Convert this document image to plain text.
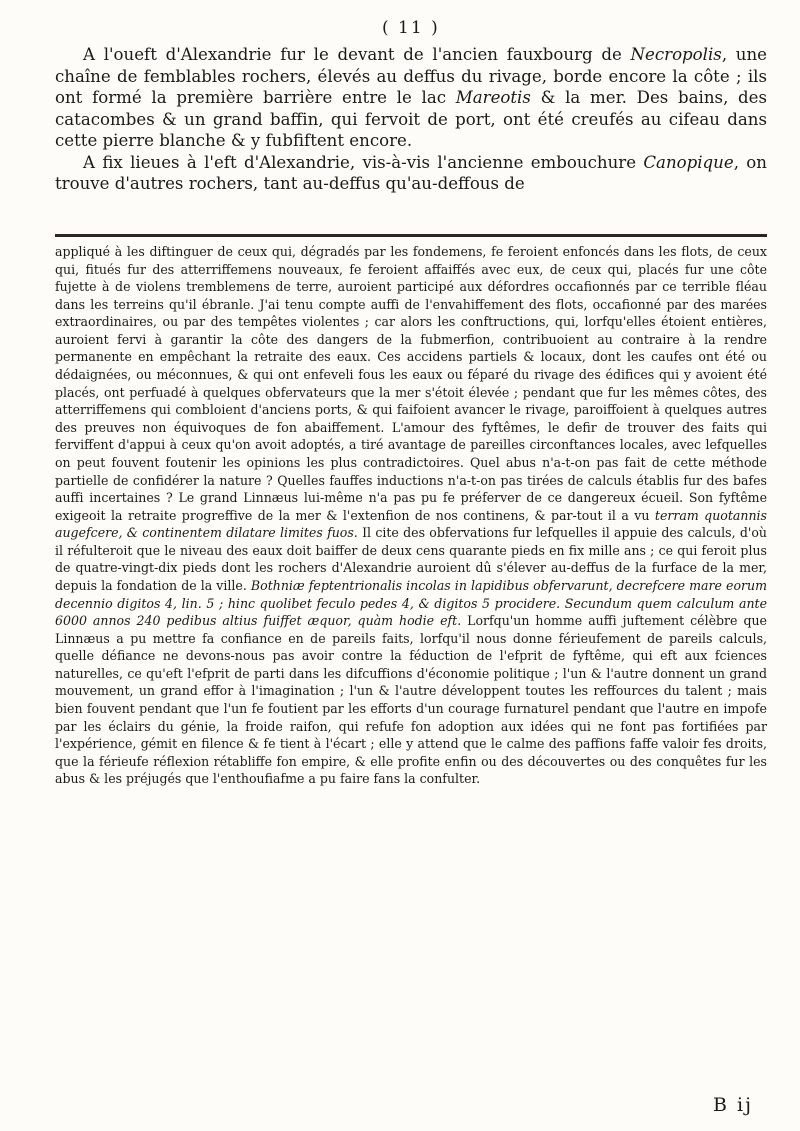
( 11 )

A l'oueft d'Alexandrie fur le devant de l'ancien fauxbourg de Necropolis, une chaîne de femblables rochers, élevés au deffus du rivage, borde encore la côte ; ils ont formé la première barrière entre le lac Mareotis & la mer. Des bains, des catacombes & un grand baffin, qui fervoit de port, ont été creufés au cifeau dans cette pierre blanche & y fubfiftent encore.

A fix lieues à l'eft d'Alexandrie, vis-à-vis l'ancienne embouchure Canopique, on trouve d'autres rochers, tant au-deffus qu'au-deffous de

appliqué à les diftinguer de ceux qui, dégradés par les fondemens, fe feroient enfoncés dans les flots, de ceux qui, fitués fur des atterriffemens nouveaux, fe feroient affaiffés avec eux, de ceux qui, placés fur une côte fujette à de violens tremblemens de terre, auroient participé aux défordres occafionnés par ce terrible fléau dans les terreins qu'il ébranle. J'ai tenu compte auffi de l'envahiffement des flots, occafionné par des marées extraordinaires, ou par des tempêtes violentes ; car alors les conftructions, qui, lorfqu'elles étoient entières, auroient fervi à garantir la côte des dangers de la fubmerfion, contribuoient au contraire à la rendre permanente en empêchant la retraite des eaux. Ces accidens partiels & locaux, dont les caufes ont été ou dédaignées, ou méconnues, & qui ont enfeveli fous les eaux ou féparé du rivage des édifices qui y avoient été placés, ont perfuadé à quelques obfervateurs que la mer s'étoit élevée ; pendant que fur les mêmes côtes, des atterriffemens qui combloient d'anciens ports, & qui faifoient avancer le rivage, paroiffoient à quelques autres des preuves non équivoques de fon abaiffement. L'amour des fyftêmes, le defir de trouver des faits qui ferviffent d'appui à ceux qu'on avoit adoptés, a tiré avantage de pareilles circonftances locales, avec lefquelles on peut fouvent foutenir les opinions les plus contradictoires. Quel abus n'a-t-on pas fait de cette méthode partielle de confidérer la nature ? Quelles fauffes inductions n'a-t-on pas tirées de calculs établis fur des bafes auffi incertaines ? Le grand Linnæus lui-même n'a pas pu fe préferver de ce dangereux écueil. Son fyftême exigeoit la retraite progreffive de la mer & l'extenfion de nos continens, & par-tout il a vu terram quotannis augefcere, & continentem dilatare limites fuos. Il cite des obfervations fur lefquelles il appuie des calculs, d'où il réfulteroit que le niveau des eaux doit baiffer de deux cens quarante pieds en fix mille ans ; ce qui feroit plus de quatre-vingt-dix pieds dont les rochers d'Alexandrie auroient dû s'élever au-deffus de la furface de la mer, depuis la fondation de la ville. Bothniæ feptentrionalis incolas in lapidibus obfervarunt, decrefcere mare eorum decennio digitos 4, lin. 5 ; hinc quolibet feculo pedes 4, & digitos 5 procidere. Secundum quem calculum ante 6000 annos 240 pedibus altius fuiffet æquor, quàm hodie eft. Lorfqu'un homme auffi juftement célèbre que Linnæus a pu mettre fa confiance en de pareils faits, lorfqu'il nous donne férieufement de pareils calculs, quelle défiance ne devons-nous pas avoir contre la féduction de l'efprit de fyftême, qui eft aux fciences naturelles, ce qu'eft l'efprit de parti dans les difcuffions d'économie politique ; l'un & l'autre donnent un grand mouvement, un grand effor à l'imagination ; l'un & l'autre développent toutes les reffources du talent ; mais bien fouvent pendant que l'un fe foutient par les efforts d'un courage furnaturel pendant que l'autre en impofe par les éclairs du génie, la froide raifon, qui refufe fon adoption aux idées qui ne font pas fortifiées par l'expérience, gémit en filence & fe tient à l'écart ; elle y attend que le calme des paffions faffe valoir fes droits, que la férieufe réflexion rétabliffe fon empire, & elle profite enfin ou des découvertes ou des conquêtes fur les abus & les préjugés que l'enthoufiafme a pu faire fans la confulter.

B ij
